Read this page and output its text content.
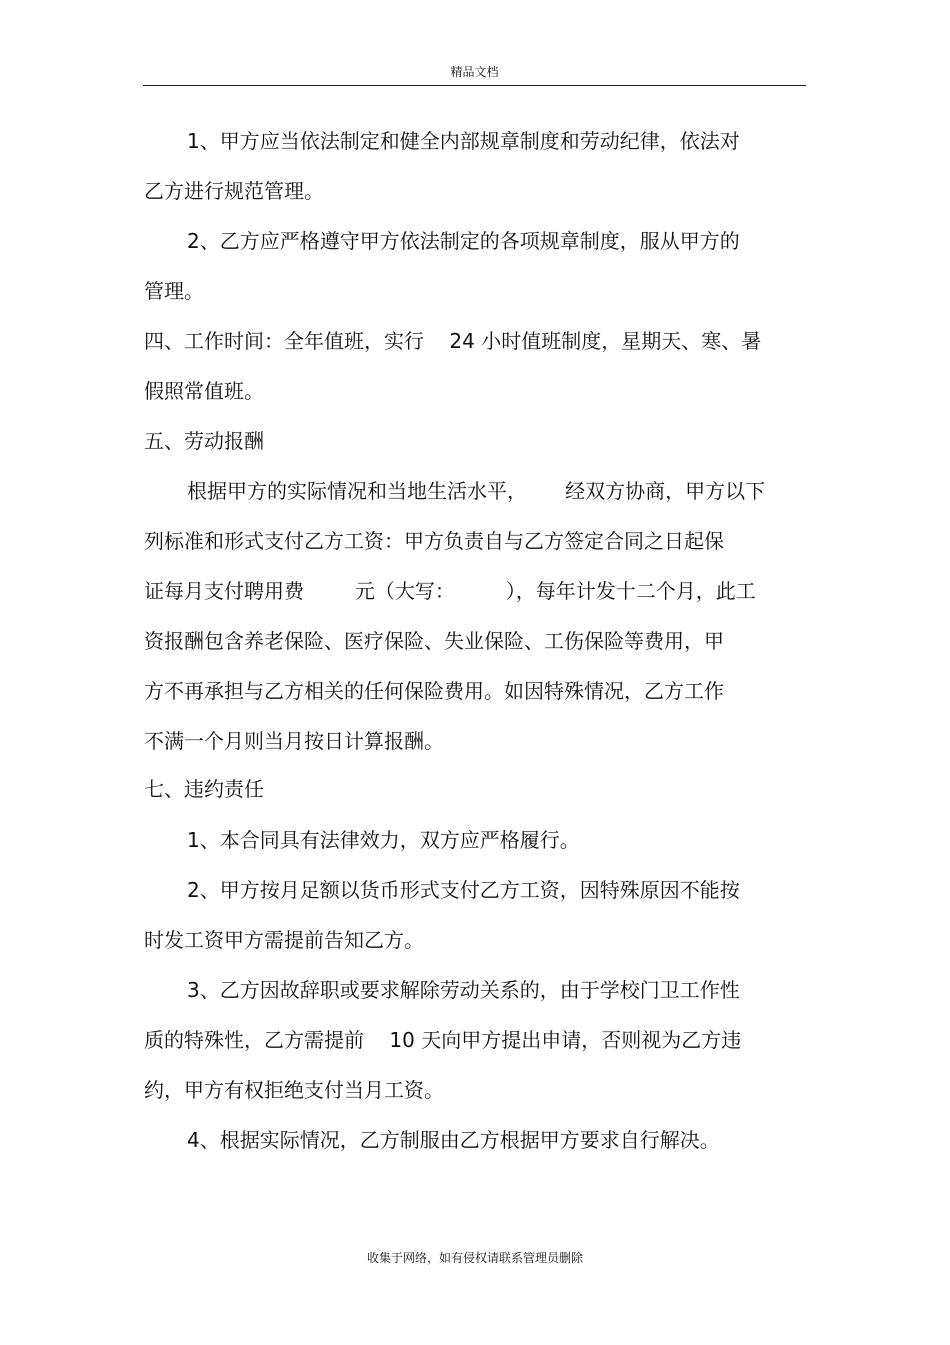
精品文档

1、甲方应当依法制定和健全内部规章制度和劳动纪律，依法对

乙方进行规范管理。

2、乙方应严格遵守甲方依法制定的各项规章制度，服从甲方的

管理。

四、工作时间：全年值班，实行    24 小时值班制度，星期天、寒、暑

假照常值班。

五、劳动报酬

根据甲方的实际情况和当地生活水平，      经双方协商，甲方以下

列标准和形式支付乙方工资：甲方负责自与乙方签定合同之日起保

证每月支付聘用费        元（大写：        ），每年计发十二个月，此工

资报酬包含养老保险、医疗保险、失业保险、工伤保险等费用，甲

方不再承担与乙方相关的任何保险费用。如因特殊情况，乙方工作

不满一个月则当月按日计算报酬。

七、违约责任

1、本合同具有法律效力，双方应严格履行。

2、甲方按月足额以货币形式支付乙方工资，因特殊原因不能按

时发工资甲方需提前告知乙方。

3、乙方因故辞职或要求解除劳动关系的，由于学校门卫工作性

质的特殊性，乙方需提前    10 天向甲方提出申请，否则视为乙方违

约，甲方有权拒绝支付当月工资。

4、根据实际情况，乙方制服由乙方根据甲方要求自行解决。

收集于网络，如有侵权请联系管理员删除
